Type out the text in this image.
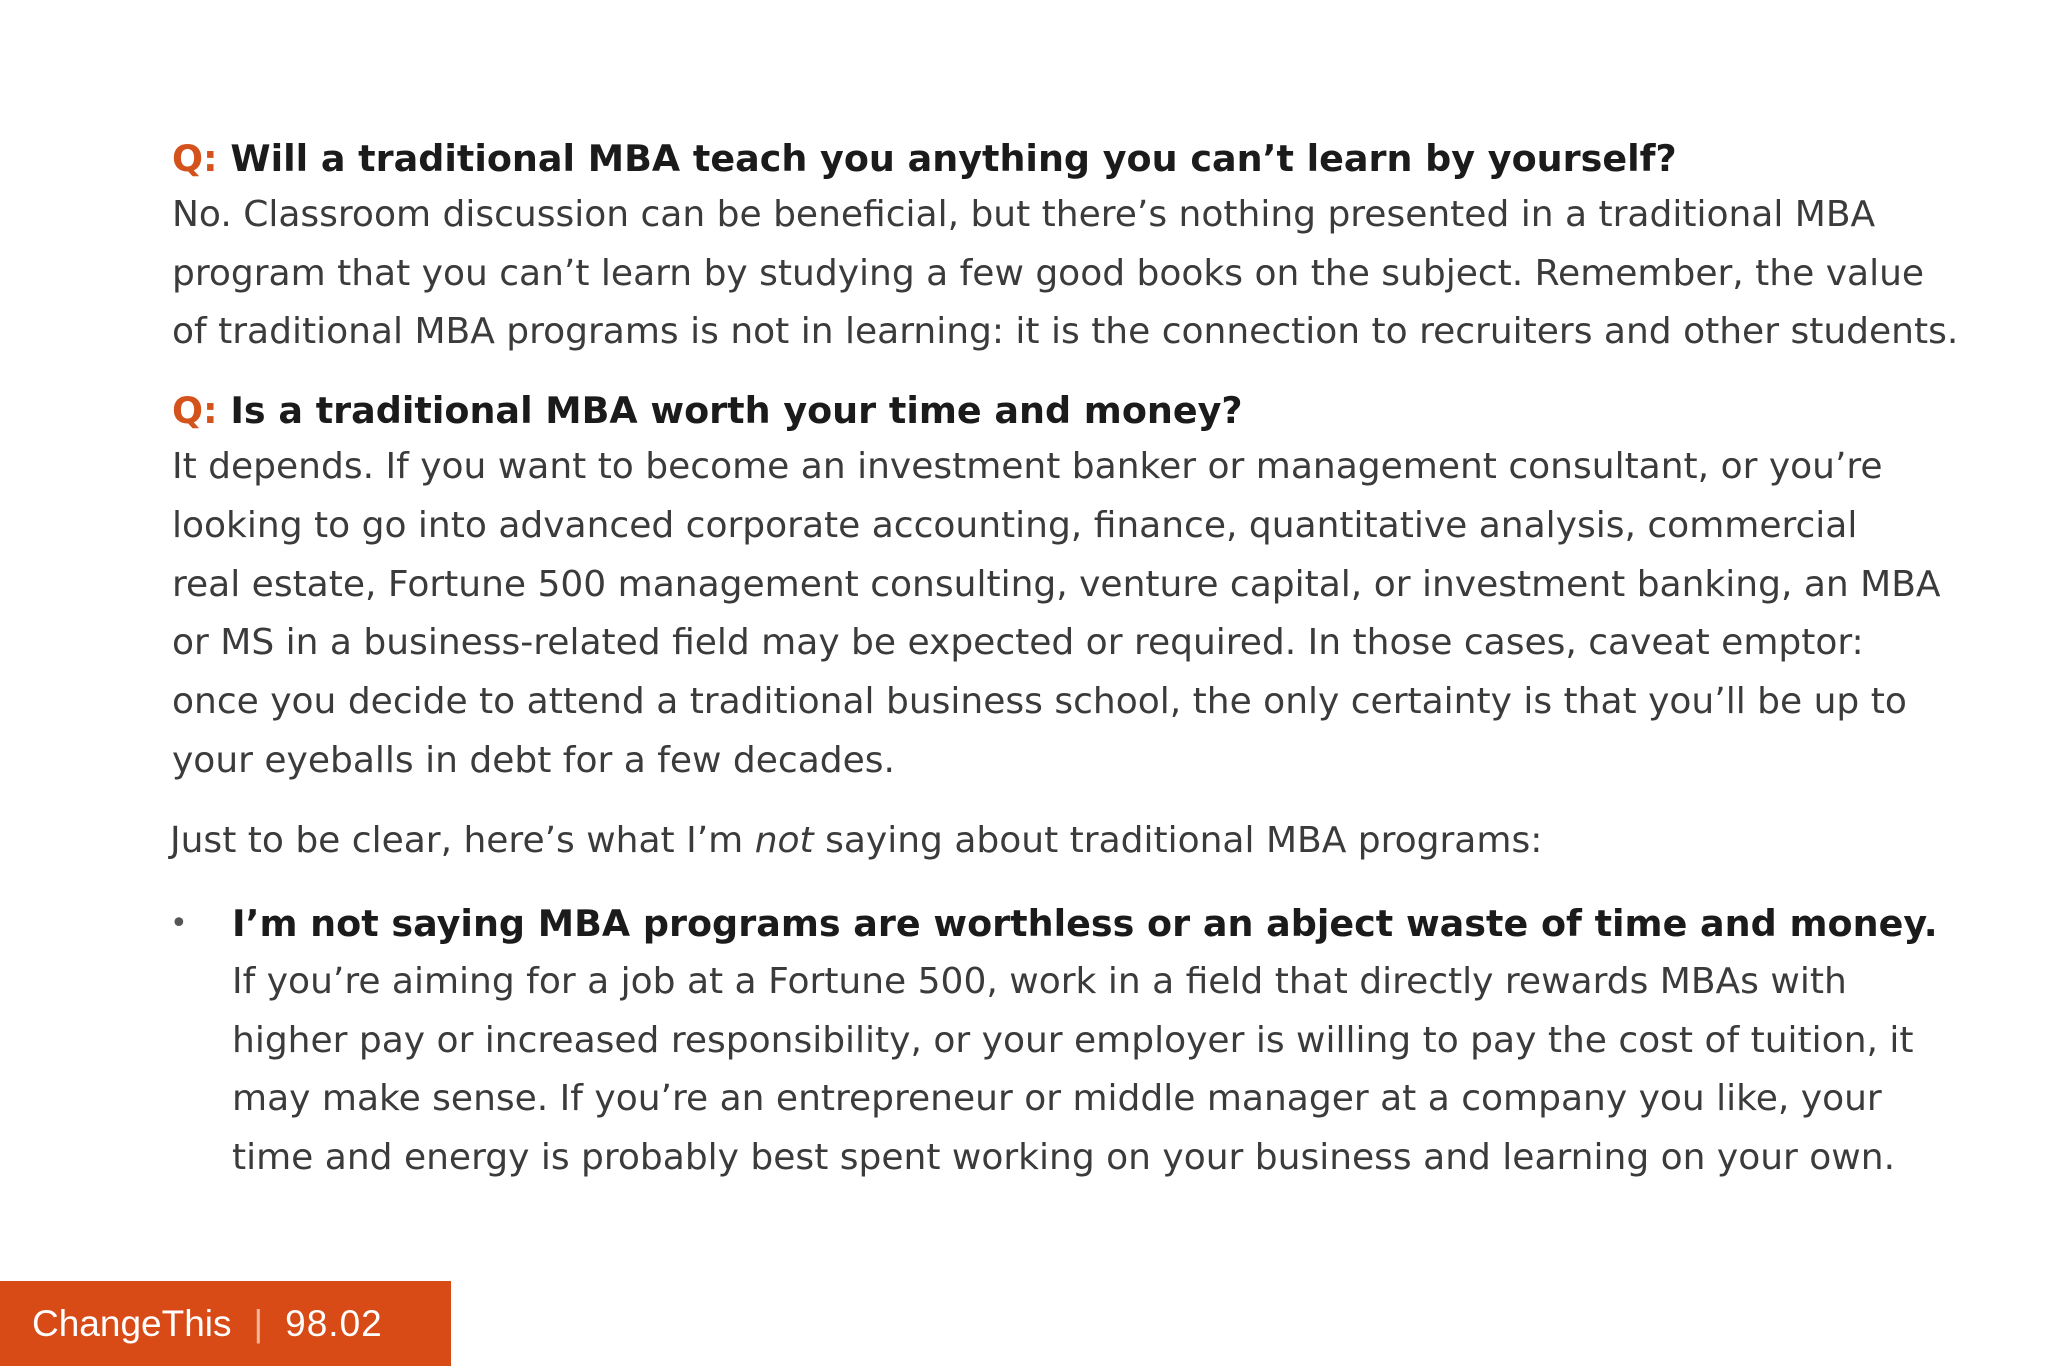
Q: Will a traditional MBA teach you anything you can’t learn by yourself?

No. Classroom discussion can be beneficial, but there’s nothing presented in a traditional MBA

program that you can’t learn by studying a few good books on the subject. Remember, the value

of traditional MBA programs is not in learning: it is the connection to recruiters and other students.

Q: Is a traditional MBA worth your time and money?

It depends. If you want to become an investment banker or management consultant, or you’re

looking to go into advanced corporate accounting, finance, quantitative analysis, commercial

real estate, Fortune 500 management consulting, venture capital, or investment banking, an MBA

or MS in a business-related field may be expected or required. In those cases, caveat emptor:

once you decide to attend a traditional business school, the only certainty is that you’ll be up to

your eyeballs in debt for a few decades.

Just to be clear, here’s what I’m not saying about traditional MBA programs:

• I’m not saying MBA programs are worthless or an abject waste of time and money.

If you’re aiming for a job at a Fortune 500, work in a field that directly rewards MBAs with

higher pay or increased responsibility, or your employer is willing to pay the cost of tuition, it

may make sense. If you’re an entrepreneur or middle manager at a company you like, your

time and energy is probably best spent working on your business and learning on your own.

ChangeThis | 98.02
